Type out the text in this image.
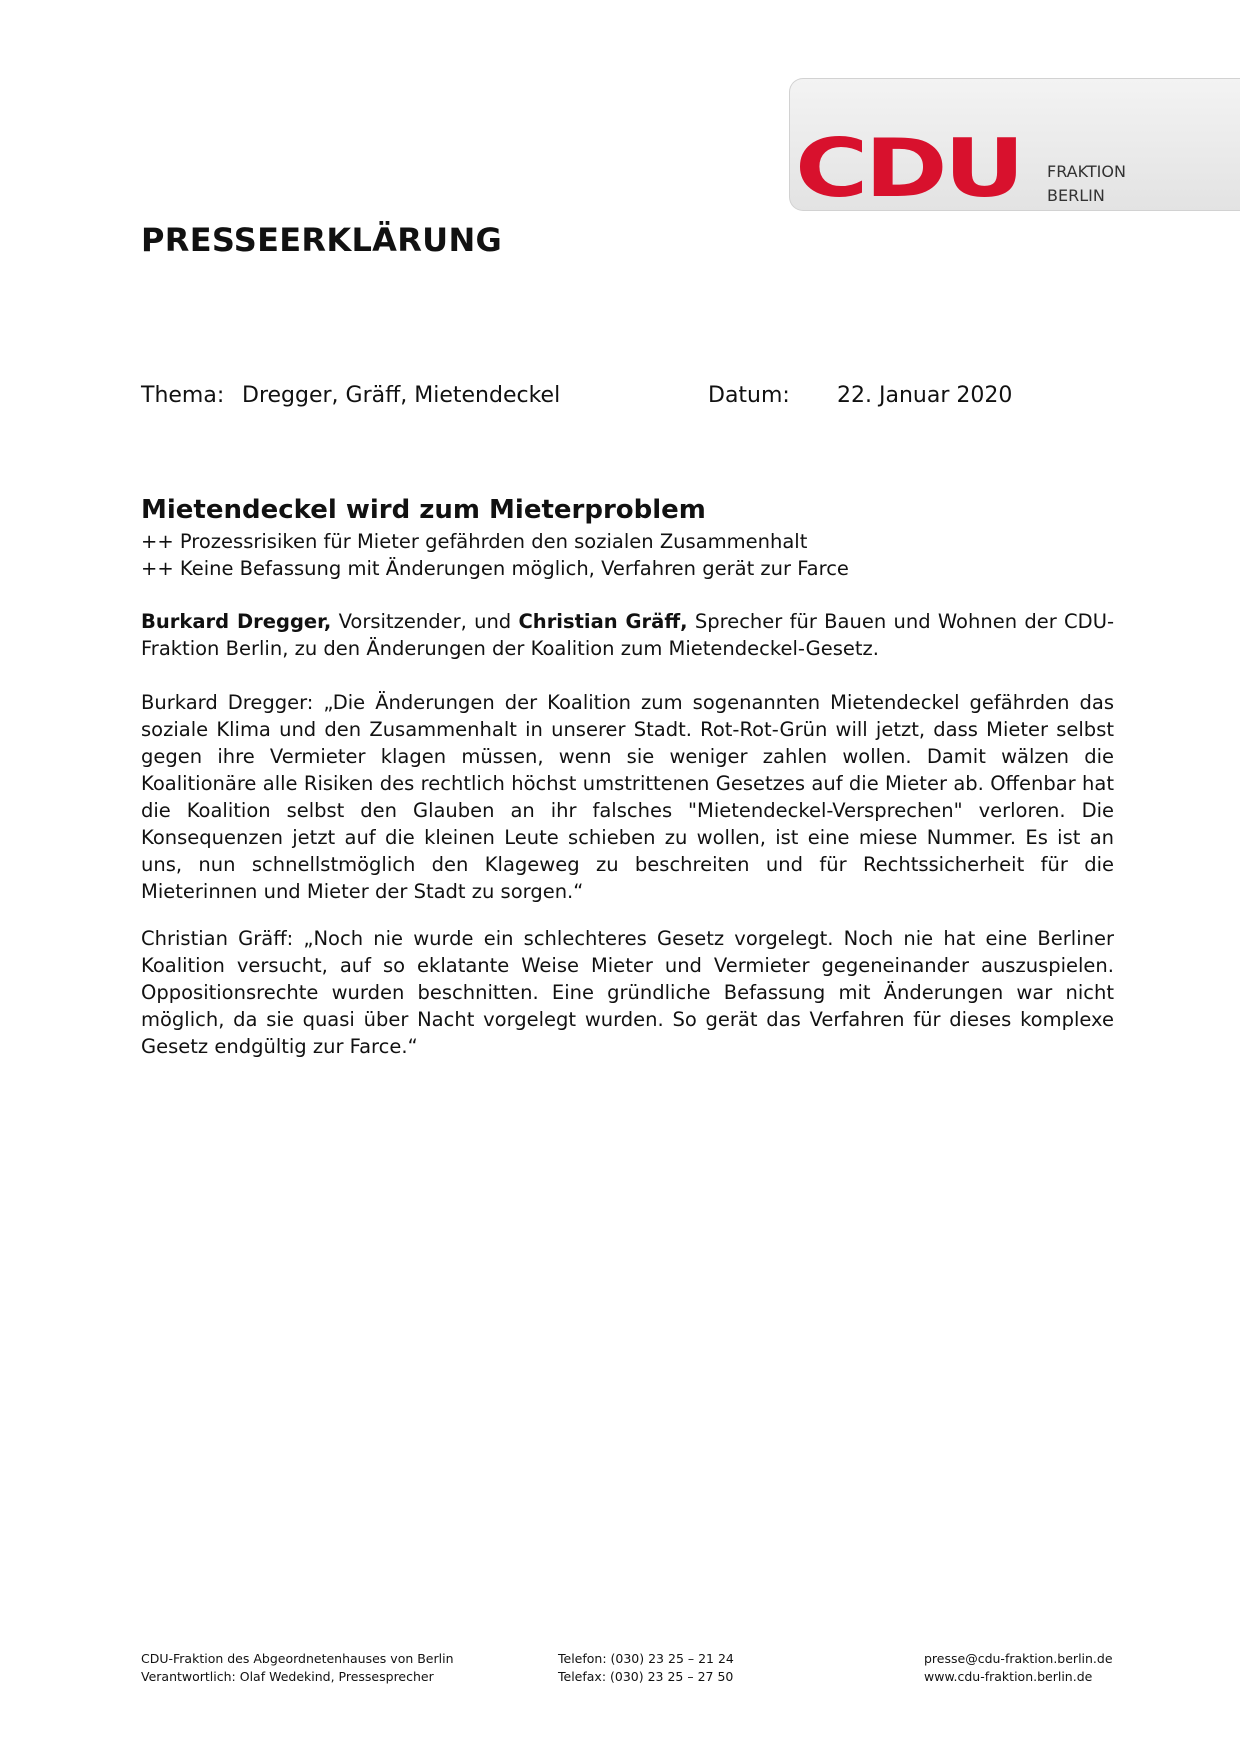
CDU FRAKTION
BERLIN

PRESSEERKLÄRUNG

Thema: Dregger, Gräff, Mietendeckel	Datum: 22. Januar 2020

Mietendeckel wird zum Mieterproblem

++ Prozessrisiken für Mieter gefährden den sozialen Zusammenhalt
++ Keine Befassung mit Änderungen möglich, Verfahren gerät zur Farce

Burkard Dregger, Vorsitzender, und Christian Gräff, Sprecher für Bauen und Wohnen der CDU-Fraktion Berlin, zu den Änderungen der Koalition zum Mietendeckel-Gesetz.

Burkard Dregger: „Die Änderungen der Koalition zum sogenannten Mietendeckel gefährden das soziale Klima und den Zusammenhalt in unserer Stadt. Rot-Rot-Grün will jetzt, dass Mieter selbst gegen ihre Vermieter klagen müssen, wenn sie weniger zahlen wollen. Damit wälzen die Koalitionäre alle Risiken des rechtlich höchst umstrittenen Gesetzes auf die Mieter ab. Offenbar hat die Koalition selbst den Glauben an ihr falsches "Mietendeckel-Versprechen" verloren. Die Konsequenzen jetzt auf die kleinen Leute schieben zu wollen, ist eine miese Nummer. Es ist an uns, nun schnellstmöglich den Klageweg zu beschreiten und für Rechtssicherheit für die Mieterinnen und Mieter der Stadt zu sorgen.“

Christian Gräff: „Noch nie wurde ein schlechteres Gesetz vorgelegt. Noch nie hat eine Berliner Koalition versucht, auf so eklatante Weise Mieter und Vermieter gegeneinander auszuspielen. Oppositionsrechte wurden beschnitten. Eine gründliche Befassung mit Änderungen war nicht möglich, da sie quasi über Nacht vorgelegt wurden. So gerät das Verfahren für dieses komplexe Gesetz endgültig zur Farce.“

CDU-Fraktion des Abgeordnetenhauses von Berlin
Verantwortlich: Olaf Wedekind, Pressesprecher

Telefon: (030) 23 25 – 21 24
Telefax: (030) 23 25 – 27 50

presse@cdu-fraktion.berlin.de
www.cdu-fraktion.berlin.de
